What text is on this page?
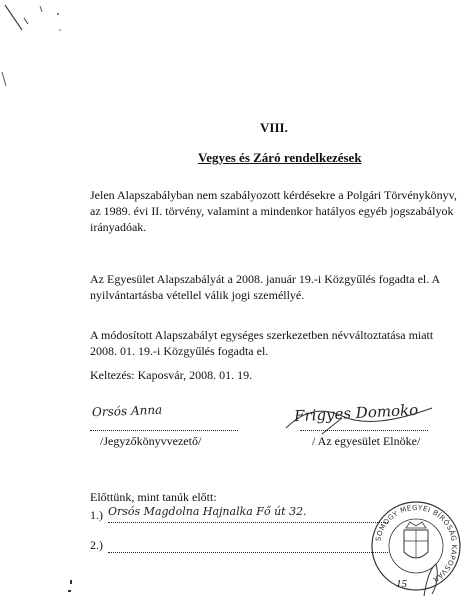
VIII.
Vegyes és Záró rendelkezések
Jelen Alapszabályban nem szabályozott kérdésekre a Polgári Törvénykönyv,
az 1989. évi II. törvény, valamint a mindenkor hatályos egyéb jogszabályok
irányadóak.
Az Egyesület Alapszabályát a 2008. január 19.-i Közgyűlés fogadta el. A
nyilvántartásba vétellel válik jogi személlyé.
A módosított Alapszabályt egységes szerkezetben névváltoztatása miatt
2008. 01. 19.-i Közgyűlés fogadta el.
Keltezés: Kaposvár, 2008. 01. 19.
Orsós Anna
/Jegyzőkönyvvezető/
Frigyes Domoko
/ Az egyesület Elnöke/
Előttünk, mint tanúk előtt:
1.) Orsós Magdolna Hajnalka Fő út 32.
2.)	SOMOGY MEGYEI BÍRÓSÁG KAPOSVÁR
15
